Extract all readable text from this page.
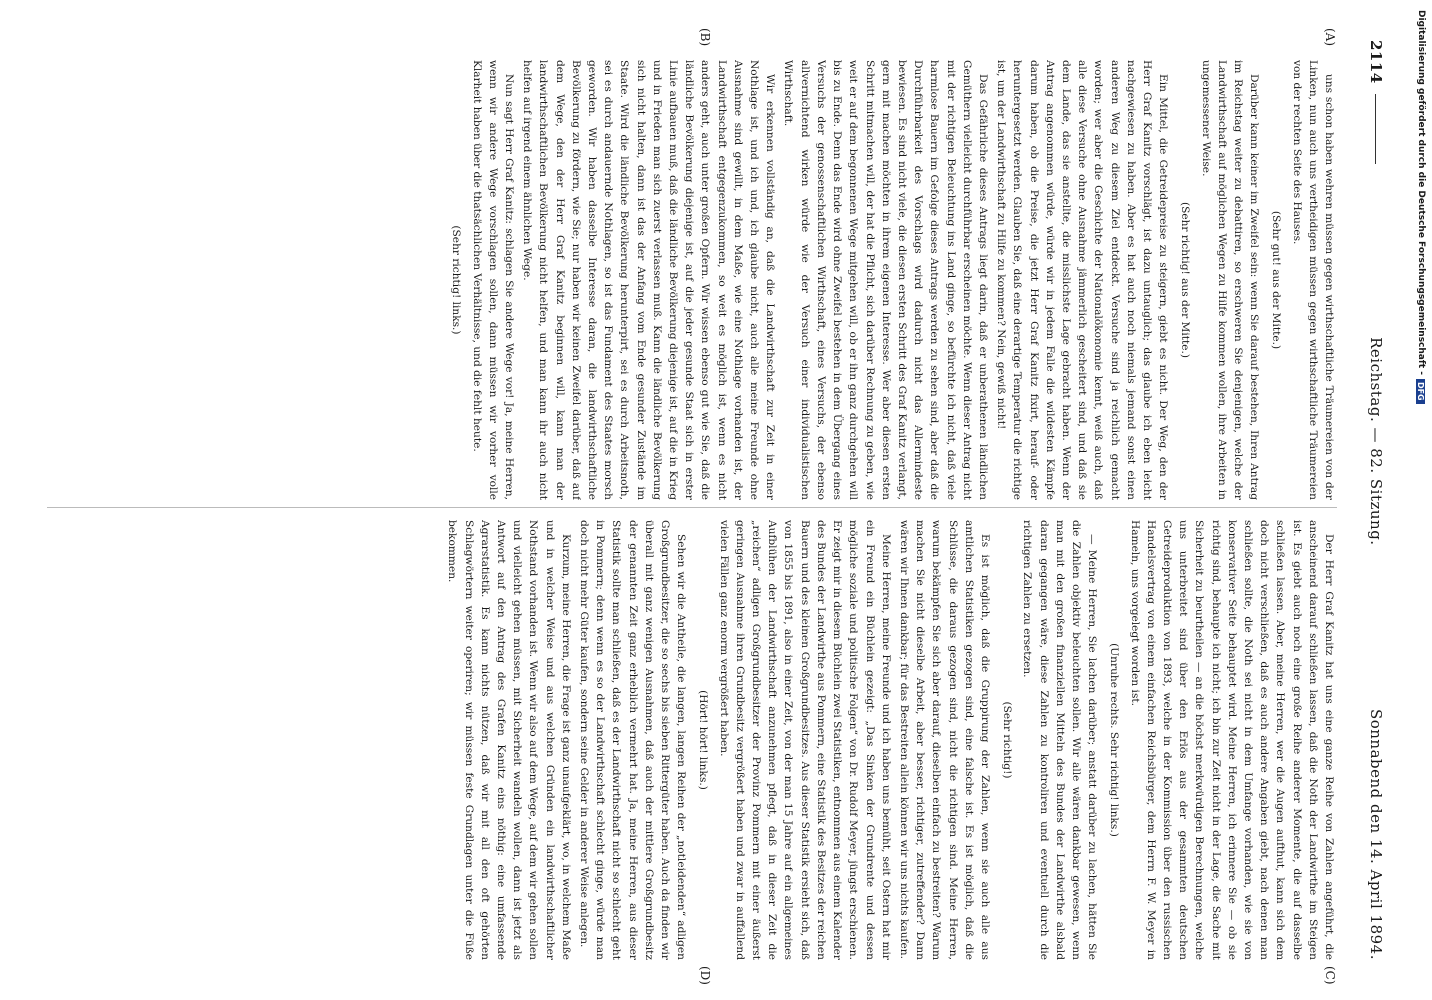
2114
Reichstag. — 82. Sitzung.
Sonnabend den 14. April 1894.
(A)
(B)
(C)
(D)

uns schon haben wehren müssen gegen wirthschaftliche Träumereien von der Linken, nun auch uns vertheidigen müssen gegen wirthschaftliche Träumereien von der rechten Seite des Hauses.

(Sehr gut! aus der Mitte.)

Darüber kann keiner im Zweifel sein: wenn Sie darauf bestehen, Ihren Antrag im Reichstag weiter zu debattiren, so erschweren Sie denjenigen, welche der Landwirthschaft auf möglichen Wegen zu Hilfe kommen wollen, ihre Arbeiten in ungemessener Weise.

(Sehr richtig! aus der Mitte.)

Ein Mittel, die Getreidepreise zu steigern, giebt es nicht. Der Weg, den der Herr Graf Kanitz vorschlägt, ist dazu untauglich; das glaube ich eben leicht nachgewiesen zu haben. Aber es hat auch noch niemals jemand sonst einen anderen Weg zu diesem Ziel entdeckt. Versuche sind ja reichlich gemacht worden; wer aber die Geschichte der Nationalökonomie kennt, weiß auch, daß alle diese Versuche ohne Ausnahme jämmerlich gescheitert sind, und daß sie dem Lande, das sie anstellte, die misslichste Lage gebracht haben. Wenn der Antrag angenommen würde, würde wir in jedem Falle die wildesten Kämpfe darum haben, ob die Preise, die jetzt Herr Graf Kanitz fixirt, herauf- oder heruntergesetzt werden. Glauben Sie, daß eine derartige Temperatur die richtige ist, um der Landwirthschaft zu Hilfe zu kommen? Nein, gewiß nicht!

Das Gefährliche dieses Antrags liegt darin, daß er unberathenen ländlichen Gemüthern vielleicht durchführbar erscheinen möchte. Wenn dieser Antrag nicht mit der richtigen Beleuchtung ins Land ginge, so befürchte ich nicht, daß viele harmlose Bauern im Gefolge dieses Antrags werden zu sehen sind, aber daß die Durchführbarkeit des Vorschlags wird dadurch nicht das Allermindeste bewiesen. Es sind nicht viele, die diesen ersten Schritt des Graf Kanitz verlangt, gern mit machen möchten in ihrem eigenen Interesse. Wer aber diesen ersten Schritt mitmachen will, der hat die Pflicht, sich darüber Rechnung zu geben, wie weit er auf dem begonnenen Wege mitgehen will, ob er ihn ganz durchgehen will bis zu Ende. Denn das Ende wird ohne Zweifel bestehen in dem Übergang eines Versuchs der genossenschaftlichen Wirthschaft, eines Versuchs, der ebenso allvernichtend wirken würde wie der Versuch einer individualistischen Wirthschaft.

Wir erkennen vollständig an, daß die Landwirthschaft zur Zeit in einer Nothlage ist, und ich und, ich glaube nicht, auch alle meine Freunde ohne Ausnahme sind gewillt, in dem Maße, wie eine Nothlage vorhanden ist, der Landwirthschaft entgegenzukommen, so weit es möglich ist, wenn es nicht anders geht, auch unter großen Opfern. Wir wissen ebenso gut wie Sie, daß die ländliche Bevölkerung diejenige ist, auf die jeder gesunde Staat sich in erster Linie aufbauen muß, daß die ländliche Bevölkerung diejenige ist, auf die in Krieg und in Frieden man sich zuerst verlassen muß. Kann die ländliche Bevölkerung sich nicht halten, dann ist das der Anfang vom Ende gesunder Zustände im Staate. Wird die ländliche Bevölkerung herunterpirt, sei es durch Arbeitsnoth, sei es durch andauernde Nothlagen, so ist das Fundament des Staates morsch geworden. Wir haben dasselbe Interesse daran, die landwirthschaftliche Bevölkerung zu fördern, wie Sie; nur haben wir keinen Zweifel darüber, daß auf dem Wege, den der Herr Graf Kanitz beginnen will, kann man der landwirthschaftlichen Bevölkerung nicht helfen, und man kann ihr auch nicht helfen auf irgend einem ähnlichen Wege.

Nun sagt Herr Graf Kanitz: schlagen Sie andere Wege vor! Ja, meine Herren, wenn wir andere Wege vorschlagen sollen, dann müssen wir vorher volle Klarheit haben über die thatsächlichen Verhältnisse, und die fehlt heute.

(Sehr richtig! links.)

Der Herr Graf Kanitz hat uns eine ganze Reihe von Zahlen angeführt, die anscheinend darauf schließen lassen, daß die Noth der Landwirthe im Steigen ist. Es giebt auch noch eine große Reihe anderer Momente, die auf dasselbe schließen lassen. Aber, meine Herren, wer die Augen aufthut, kann sich dem doch nicht verschließen, daß es auch andere Angaben giebt, nach denen man schließen sollte, die Noth sei nicht in dem Umfange vorhanden, wie sie von konservativer Seite behauptet wird. Meine Herren, ich erinnere Sie — ob sie richtig sind, behaupte ich nicht; ich bin zur Zeit nicht in der Lage, die Sache mit Sicherheit zu beurtheilen — an die höchst merkwürdigen Berechnungen, welche uns unterbreitet sind über den Erlös aus der gesammten deutschen Getreideproduktion von 1893, welche in der Kommission über den russischen Handelsvertrag von einem einfachen Reichsbürger, dem Herrn F. W. Meyer in Hameln, uns vorgelegt worden ist.

(Unruhe rechts. Sehr richtig! links.)

— Meine Herren, Sie lachen darüber; anstatt darüber zu lachen, hätten Sie die Zahlen objektiv beleuchten sollen. Wir alle wären dankbar gewesen, wenn man mit den großen finanziellen Mitteln des Bundes der Landwirthe alsbald daran gegangen wäre, diese Zahlen zu kontroliren und eventuell durch die richtigen Zahlen zu ersetzen.

(Sehr richtig!)

Es ist möglich, daß die Gruppirung der Zahlen, wenn sie auch alle aus amtlichen Statistiken gezogen sind, eine falsche ist. Es ist möglich, daß die Schlüsse, die daraus gezogen sind, nicht die richtigen sind. Meine Herren, warum bekämpfen Sie sich aber darauf, dieselben einfach zu bestreiten? Warum machen Sie nicht dieselbe Arbeit, aber besser, richtiger, zutreffender? Dann wären wir Ihnen dankbar; für das Bestreiten allein können wir uns nichts kaufen.

Meine Herren, meine Freunde und ich haben uns bemüht, seit Ostern hat mir ein Freund ein Büchlein gezeigt: „Das Sinken der Grundrente und dessen mögliche soziale und politische Folgen“ von Dr. Rudolf Meyer, jüngst erschienen. Er zeigt mir in diesem Büchlein zwei Statistiken, entnommen aus einem Kalender des Bundes der Landwirthe aus Pommern, eine Statistik des Besitzes der reichen Bauern und des kleinen Großgrundbesitzes. Aus dieser Statistik ersieht sich, daß von 1855 bis 1891, also in einer Zeit, von der man 15 Jahre auf ein allgemeines Aufblühen der Landwirthschaft anzunehmen pflegt, daß in dieser Zeit die „reichen“ adligen Großgrundbesitzer der Provinz Pommern mit einer äußerst geringen Ausnahme ihren Grundbesitz vergrößert haben und zwar in auffallend vielen Fällen ganz enorm vergrößert haben.

(Hört! hört! links.)

Sehen wir die Antheile, die langen, langen Reihen der „notleidenden“ adligen Großgrundbesitzer, die so sechs bis sieben Rittergüter haben. Auch da finden wir überall mit ganz wenigen Ausnahmen, daß auch der mittlere Großgrundbesitz der genannten Zeit ganz erheblich vermehrt hat. Ja, meine Herren, aus dieser Statistik sollte man schließen, daß es der Landwirthschaft nicht so schlecht geht in Pommern; denn wenn es so der Landwirthschaft schlecht ginge, würde man doch nicht mehr Güter kaufen, sondern seine Gelder in anderer Weise anlegen.

Kurzum, meine Herren, die Frage ist ganz unaufgeklärt, wo, in welchem Maße und in welcher Weise und aus welchen Gründen ein landwirthschaftlicher Nothstand vorhanden ist. Wenn wir also auf dem Wege, auf dem wir gehen sollen und vielleicht gehen müssen, mit Sicherheit wandeln wollen, dann ist jetzt als Antwort auf den Antrag des Grafen Kanitz eins nöthig: eine umfassende Agrarstatistik. Es kann nichts nützen, daß wir mit all den oft gehörten Schlagwörtern weiter operiren; wir müssen feste Grundlagen unter die Füße bekommen.

Digitalisierung gefördert durch die Deutsche Forschungsgemeinschaft -
DFG
